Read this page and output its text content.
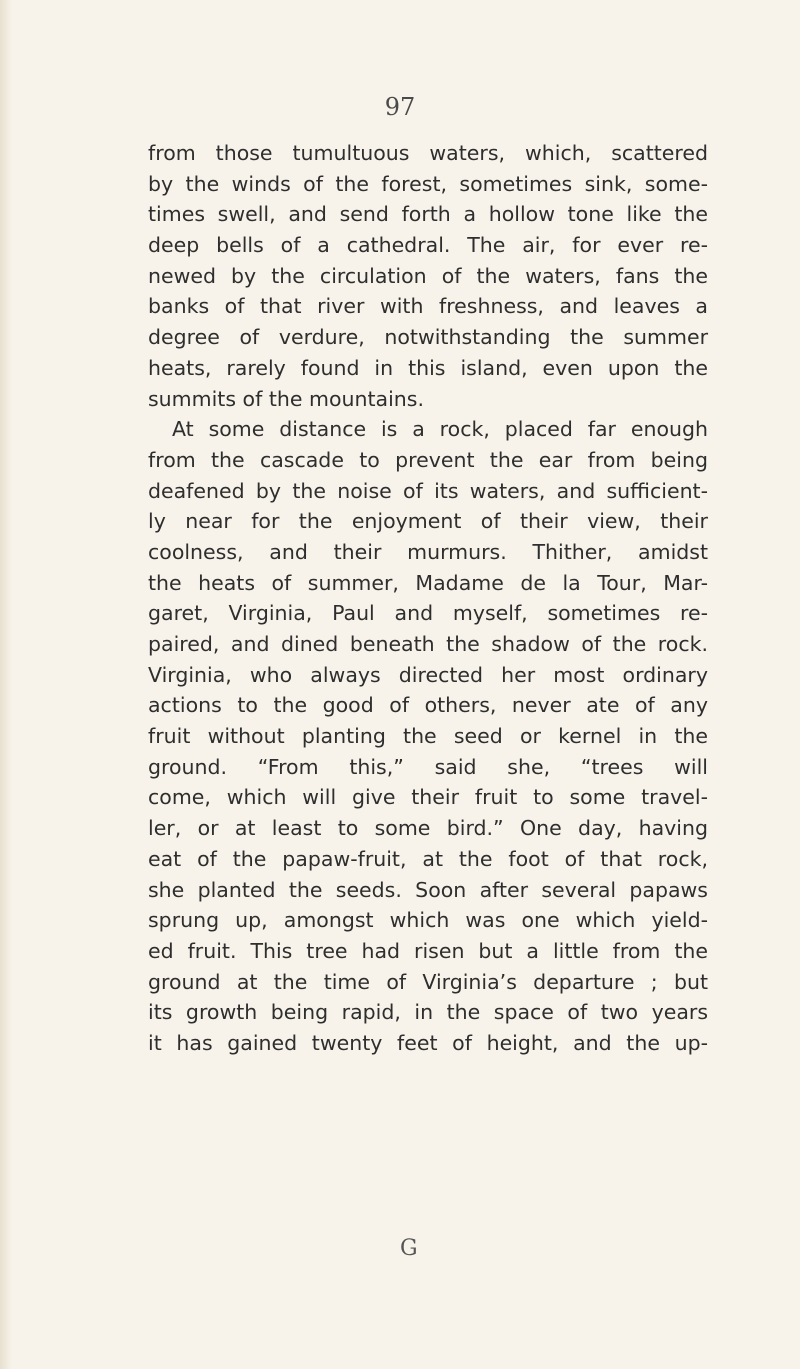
97
from those tumultuous waters, which, scattered
by the winds of the forest, sometimes sink, some-
times swell, and send forth a hollow tone like the
deep bells of a cathedral. The air, for ever re-
newed by the circulation of the waters, fans the
banks of that river with freshness, and leaves a
degree of verdure, notwithstanding the summer
heats, rarely found in this island, even upon the
summits of the mountains.
At some distance is a rock, placed far enough
from the cascade to prevent the ear from being
deafened by the noise of its waters, and sufficient-
ly near for the enjoyment of their view, their
coolness, and their murmurs. Thither, amidst
the heats of summer, Madame de la Tour, Mar-
garet, Virginia, Paul and myself, sometimes re-
paired, and dined beneath the shadow of the rock.
Virginia, who always directed her most ordinary
actions to the good of others, never ate of any
fruit without planting the seed or kernel in the
ground. “From this,” said she, “trees will
come, which will give their fruit to some travel-
ler, or at least to some bird.” One day, having
eat of the papaw-fruit, at the foot of that rock,
she planted the seeds. Soon after several papaws
sprung up, amongst which was one which yield-
ed fruit. This tree had risen but a little from the
ground at the time of Virginia’s departure ; but
its growth being rapid, in the space of two years
it has gained twenty feet of height, and the up-
G
